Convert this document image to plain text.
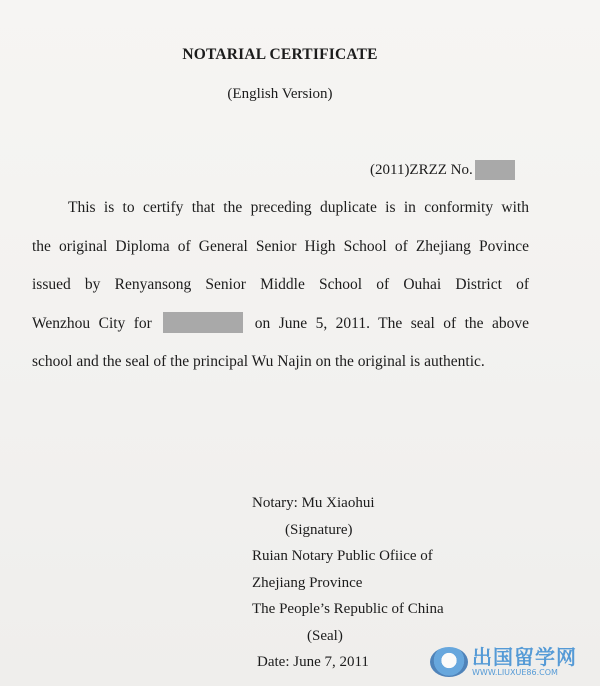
NOTARIAL CERTIFICATE
(English Version)
(2011)ZRZZ No.
This is to certify that the preceding duplicate is in conformity with
the original Diploma of General Senior High School of Zhejiang Povince
issued by Renyansong Senior Middle School of Ouhai District of
Wenzhou City for	on June 5, 2011. The seal of the above
school and the seal of the principal Wu Najin on the original is authentic.
Notary: Mu Xiaohui
(Signature)
Ruian Notary Public Ofiice of
Zhejiang Province
The People’s Republic of China
(Seal)
Date: June 7, 2011	出国留学网
WWW.LIUXUE86.COM
